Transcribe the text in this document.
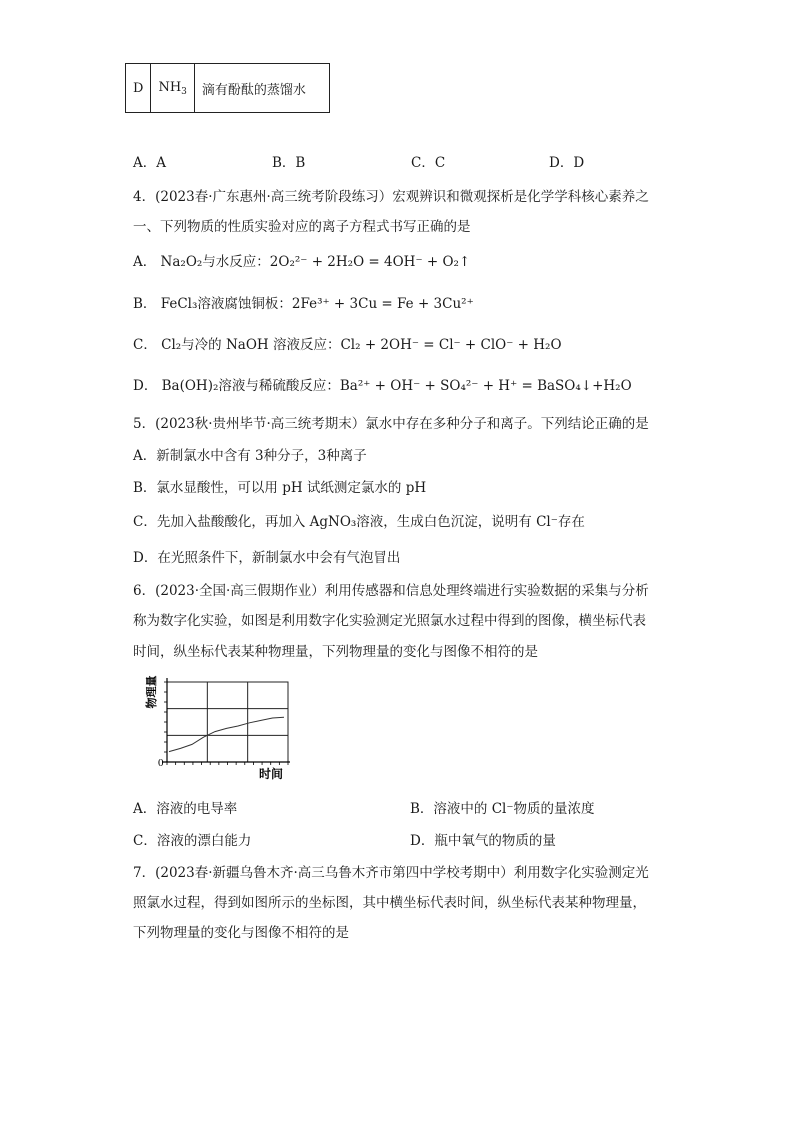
D	$NH_3$	滴有酚酞的蒸馏水
A．A	B．B	C．C	D．D
4．(2023春·广东惠州·高三统考阶段练习）宏观辨识和微观探析是化学学科核心素养之
一、下列物质的性质实验对应的离子方程式书写正确的是
A． Na₂O₂与水反应：2O₂²⁻ + 2H₂O = 4OH⁻ + O₂↑
B． FeCl₃溶液腐蚀铜板：2Fe³⁺ + 3Cu = Fe + 3Cu²⁺
C． Cl₂与冷的 NaOH 溶液反应：Cl₂ + 2OH⁻ = Cl⁻ + ClO⁻ + H₂O
D． Ba(OH)₂溶液与稀硫酸反应：Ba²⁺ + OH⁻ + SO₄²⁻ + H⁺ = BaSO₄↓+H₂O
5．(2023秋·贵州毕节·高三统考期末）氯水中存在多种分子和离子。下列结论正确的是
A．新制氯水中含有 3种分子，3种离子
B．氯水显酸性，可以用 pH 试纸测定氯水的 pH
C．先加入盐酸酸化，再加入 AgNO₃溶液，生成白色沉淀，说明有 Cl⁻存在
D．在光照条件下，新制氯水中会有气泡冒出
6．(2023·全国·高三假期作业）利用传感器和信息处理终端进行实验数据的采集与分析
称为数字化实验，如图是利用数字化实验测定光照氯水过程中得到的图像，横坐标代表
时间，纵坐标代表某种物理量，下列物理量的变化与图像不相符的是
0
时间
物理量
A．溶液的电导率	B．溶液中的 Cl⁻物质的量浓度
C．溶液的漂白能力	D．瓶中氧气的物质的量
7．(2023春·新疆乌鲁木齐·高三乌鲁木齐市第四中学校考期中）利用数字化实验测定光
照氯水过程，得到如图所示的坐标图，其中横坐标代表时间，纵坐标代表某种物理量，
下列物理量的变化与图像不相符的是
